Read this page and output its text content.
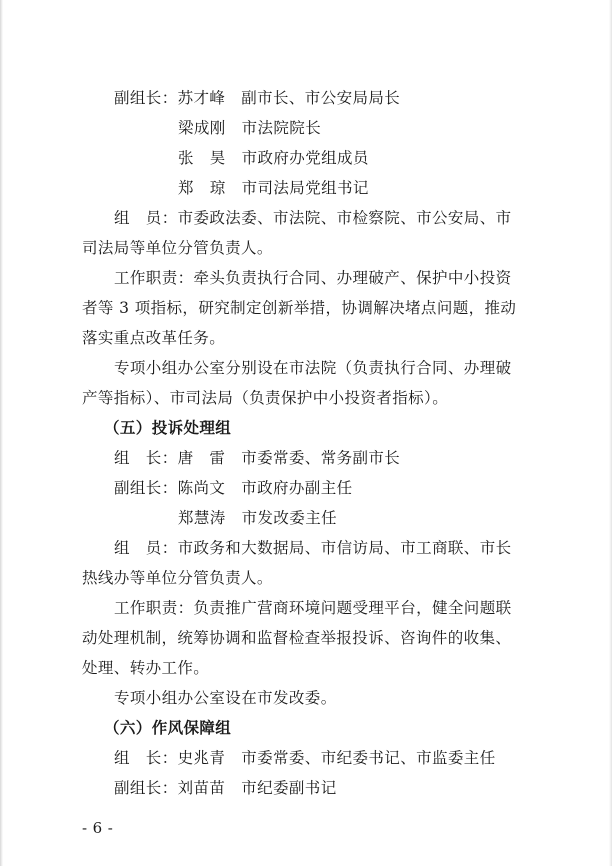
副组长：苏才峰　副市长、市公安局局长
梁成刚　市法院院长
张　昊　市政府办党组成员
郑　琼　市司法局党组书记
组　员：市委政法委、市法院、市检察院、市公安局、市
司法局等单位分管负责人。
工作职责：牵头负责执行合同、办理破产、保护中小投资
者等 3 项指标，研究制定创新举措，协调解决堵点问题，推动
落实重点改革任务。
专项小组办公室分别设在市法院（负责执行合同、办理破
产等指标）、市司法局（负责保护中小投资者指标）。
（五）投诉处理组
组　长：唐　雷　市委常委、常务副市长
副组长：陈尚文　市政府办副主任
郑慧涛　市发改委主任
组　员：市政务和大数据局、市信访局、市工商联、市长
热线办等单位分管负责人。
工作职责：负责推广营商环境问题受理平台，健全问题联
动处理机制，统筹协调和监督检查举报投诉、咨询件的收集、
处理、转办工作。
专项小组办公室设在市发改委。
（六）作风保障组
组　长：史兆青　市委常委、市纪委书记、市监委主任
副组长：刘苗苗　市纪委副书记
- 6 -
